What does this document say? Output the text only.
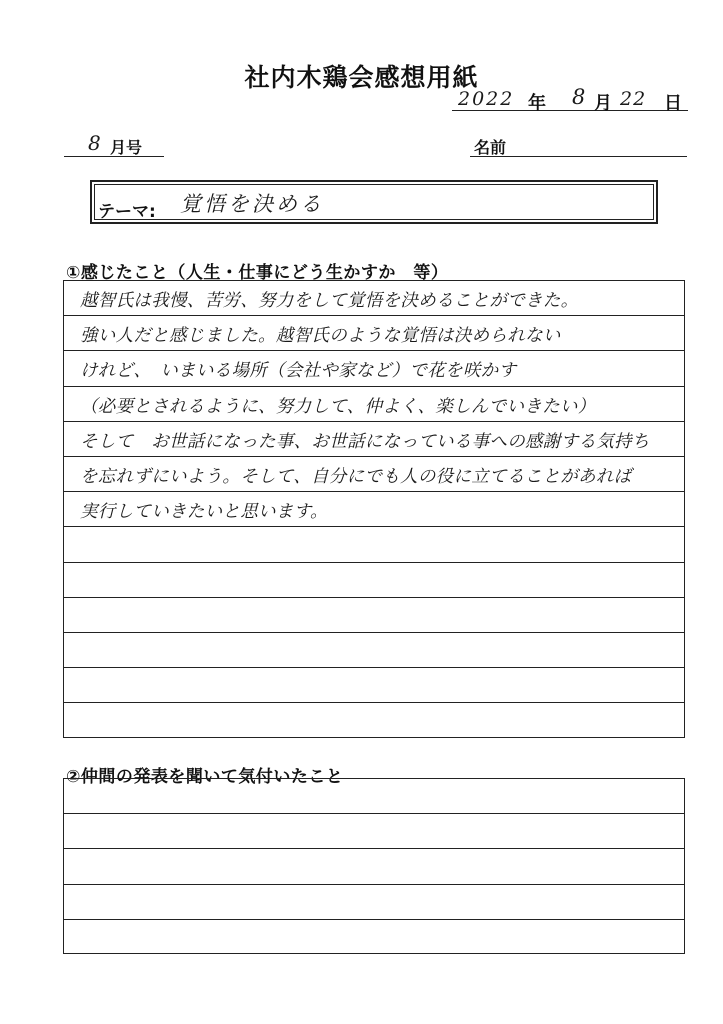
社内木鶏会感想用紙
2022 年 8 月 22 日
8 月号	名前
テーマ: 覚悟を決める
①感じたこと（人生・仕事にどう生かすか　等）
越智氏は我慢、苦労、努力をして覚悟を決めることができた。
強い人だと感じました。越智氏のような覚悟は決められない
けれど、　いまいる場所（会社や家など）で花を咲かす
（必要とされるように、努力して、仲よく、楽しんでいきたい）
そして　お世話になった事、お世話になっている事への感謝する気持ち
を忘れずにいよう。そして、自分にでも人の役に立てることがあれば
実行していきたいと思います。
②仲間の発表を聞いて気付いたこと
